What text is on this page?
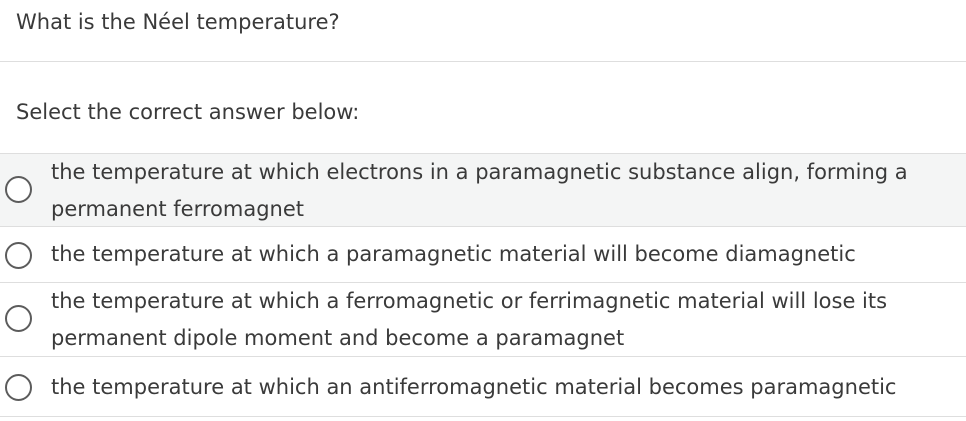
What is the Néel temperature?
Select the correct answer below:
the temperature at which electrons in a paramagnetic substance align, forming a
permanent ferromagnet
the temperature at which a paramagnetic material will become diamagnetic
the temperature at which a ferromagnetic or ferrimagnetic material will lose its
permanent dipole moment and become a paramagnet
the temperature at which an antiferromagnetic material becomes paramagnetic
